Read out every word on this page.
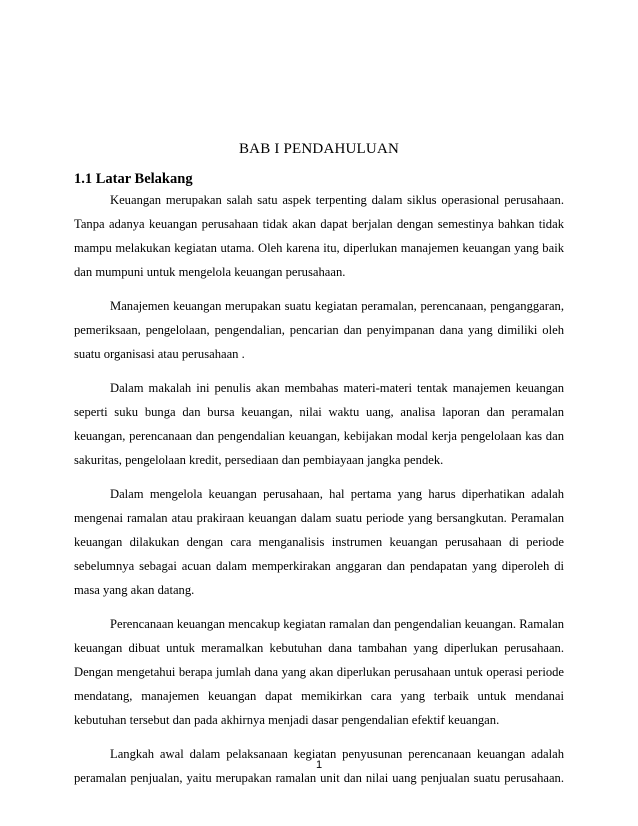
BAB I PENDAHULUAN
1.1 Latar Belakang
Keuangan merupakan salah satu aspek terpenting dalam siklus operasional perusahaan.
Tanpa adanya keuangan perusahaan tidak akan dapat berjalan dengan semestinya bahkan tidak
mampu melakukan kegiatan utama. Oleh karena itu, diperlukan manajemen keuangan yang baik
dan mumpuni untuk mengelola keuangan perusahaan.
Manajemen keuangan merupakan suatu kegiatan peramalan, perencanaan, penganggaran,
pemeriksaan, pengelolaan, pengendalian, pencarian dan penyimpanan dana yang dimiliki oleh
suatu organisasi atau perusahaan .
Dalam makalah ini penulis akan membahas materi-materi tentak manajemen keuangan
seperti suku bunga dan bursa keuangan, nilai waktu uang, analisa laporan dan peramalan
keuangan, perencanaan dan pengendalian keuangan, kebijakan modal kerja pengelolaan kas dan
sakuritas, pengelolaan kredit, persediaan dan pembiayaan jangka pendek.
Dalam mengelola keuangan perusahaan, hal pertama yang harus diperhatikan adalah
mengenai ramalan atau prakiraan keuangan dalam suatu periode yang bersangkutan. Peramalan
keuangan dilakukan dengan cara menganalisis instrumen keuangan perusahaan di periode
sebelumnya sebagai acuan dalam memperkirakan anggaran dan pendapatan yang diperoleh di
masa yang akan datang.
Perencanaan keuangan mencakup kegiatan ramalan dan pengendalian keuangan. Ramalan
keuangan dibuat untuk meramalkan kebutuhan dana tambahan yang diperlukan perusahaan.
Dengan mengetahui berapa jumlah dana yang akan diperlukan perusahaan untuk operasi periode
mendatang, manajemen keuangan dapat memikirkan cara yang terbaik untuk mendanai
kebutuhan tersebut dan pada akhirnya menjadi dasar pengendalian efektif keuangan.
Langkah awal dalam pelaksanaan kegiatan penyusunan perencanaan keuangan adalah
peramalan penjualan, yaitu merupakan ramalan unit dan nilai uang penjualan suatu perusahaan.
1
